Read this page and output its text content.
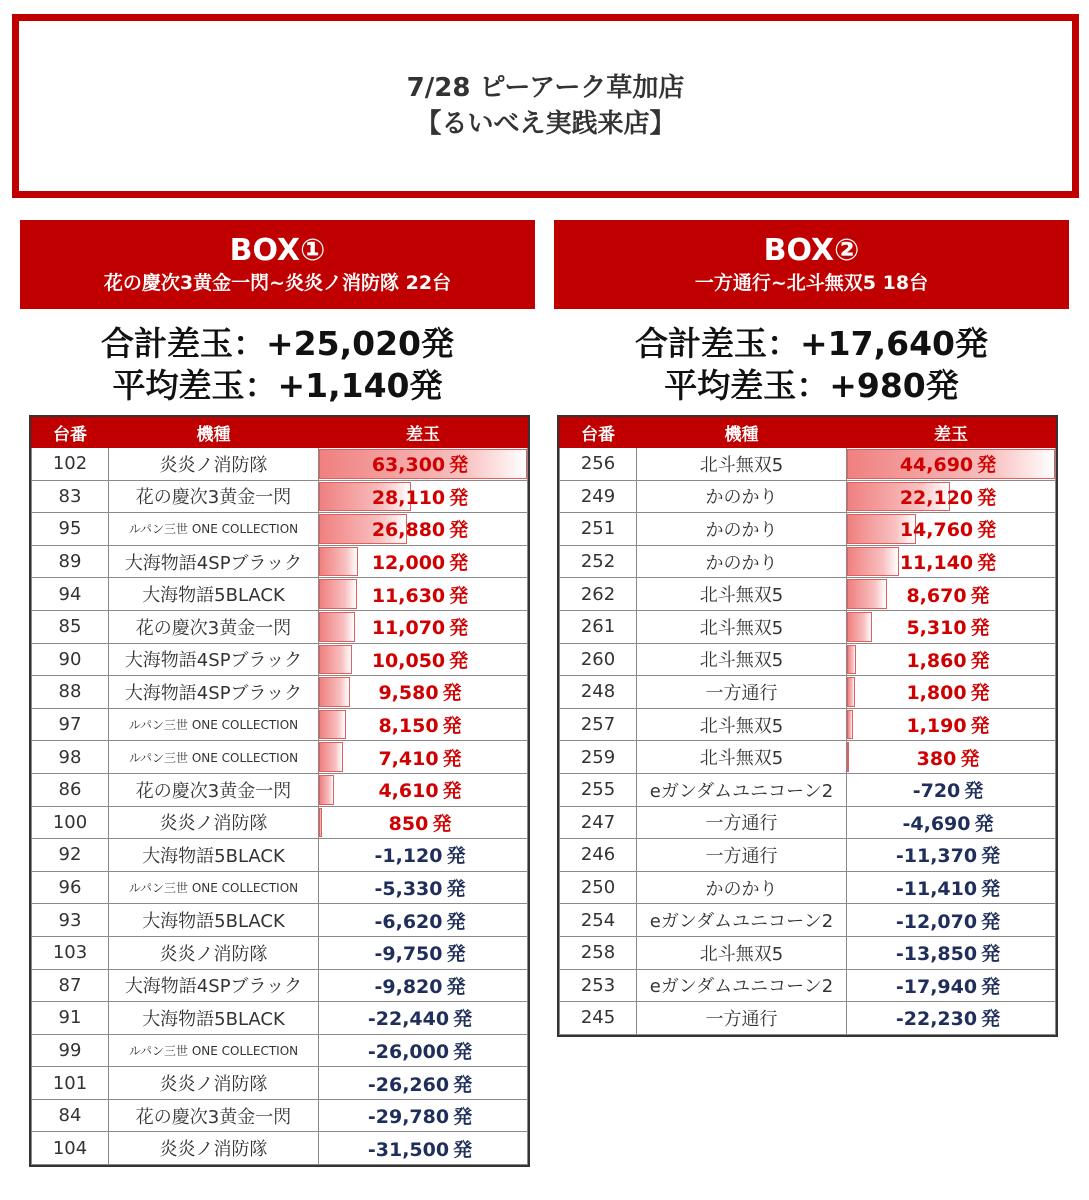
7/28 ピーアーク草加店
【るいべえ実践来店】
BOX①
花の慶次3黄金一閃~炎炎ノ消防隊 22台
合計差玉：+25,020発
平均差玉：+1,140発
台番	機種	差玉
102	炎炎ノ消防隊	63,300 発
83	花の慶次3黄金一閃	28,110 発
95	ルパン三世 ONE COLLECTION	26,880 発
89	大海物語4SPブラック	12,000 発
94	大海物語5BLACK	11,630 発
85	花の慶次3黄金一閃	11,070 発
90	大海物語4SPブラック	10,050 発
88	大海物語4SPブラック	9,580 発
97	ルパン三世 ONE COLLECTION	8,150 発
98	ルパン三世 ONE COLLECTION	7,410 発
86	花の慶次3黄金一閃	4,610 発
100	炎炎ノ消防隊	850 発
92	大海物語5BLACK	-1,120 発
96	ルパン三世 ONE COLLECTION	-5,330 発
93	大海物語5BLACK	-6,620 発
103	炎炎ノ消防隊	-9,750 発
87	大海物語4SPブラック	-9,820 発
91	大海物語5BLACK	-22,440 発
99	ルパン三世 ONE COLLECTION	-26,000 発
101	炎炎ノ消防隊	-26,260 発
84	花の慶次3黄金一閃	-29,780 発
104	炎炎ノ消防隊	-31,500 発
BOX②
一方通行~北斗無双5 18台
合計差玉：+17,640発
平均差玉：+980発
台番	機種	差玉
256	北斗無双5	44,690 発
249	かのかり	22,120 発
251	かのかり	14,760 発
252	かのかり	11,140 発
262	北斗無双5	8,670 発
261	北斗無双5	5,310 発
260	北斗無双5	1,860 発
248	一方通行	1,800 発
257	北斗無双5	1,190 発
259	北斗無双5	380 発
255	eガンダムユニコーン2	-720 発
247	一方通行	-4,690 発
246	一方通行	-11,370 発
250	かのかり	-11,410 発
254	eガンダムユニコーン2	-12,070 発
258	北斗無双5	-13,850 発
253	eガンダムユニコーン2	-17,940 発
245	一方通行	-22,230 発
